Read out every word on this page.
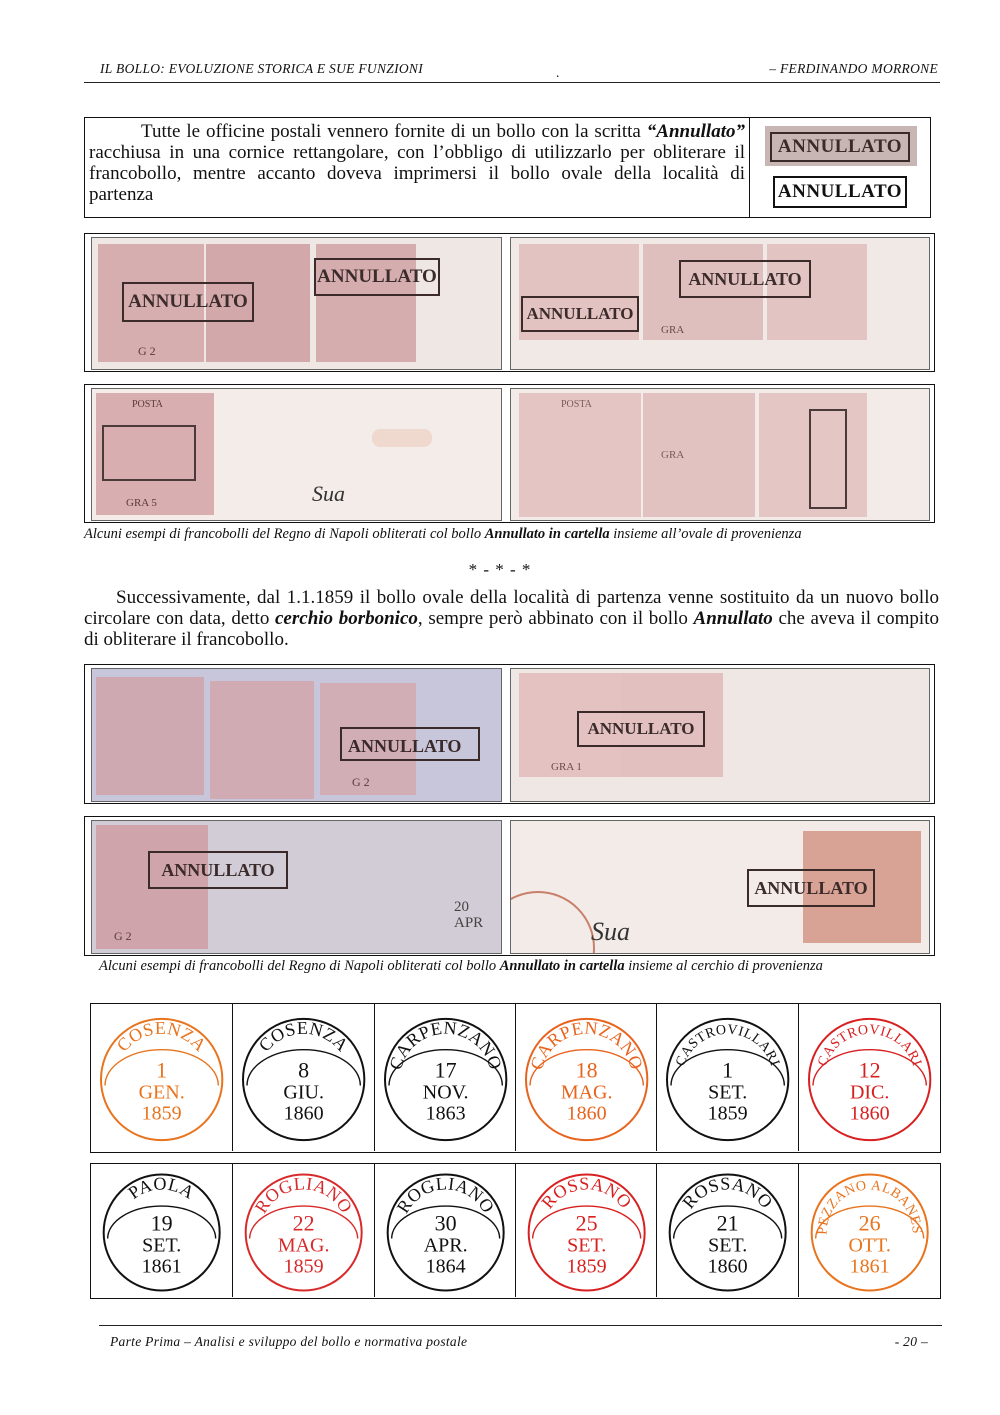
IL BOLLO: EVOLUZIONE STORICA E SUE FUNZIONI	.	– FERDINANDO MORRONE
Tutte le officine postali vennero fornite di un bollo con la scritta “Annullato” racchiusa in una cornice rettangolare, con l’obbligo di utilizzarlo per obliterare il francobollo, mentre accanto doveva imprimersi il bollo ovale della località di partenza
ANNULLATO
ANNULLATO
ANNULLATO
ANNULLATO
G 2
ANNULLATO
ANNULLATO
GRA
POSTA
GRA 5	Sua
POSTA
GRA
Alcuni esempi di francobolli del Regno di Napoli obliterati col bollo Annullato in cartella insieme all’ovale di provenienza
* - * - *
Successivamente, dal 1.1.1859 il bollo ovale della località di partenza venne sostituito da un nuovo bollo circolare con data, detto cerchio borbonico, sempre però abbinato con il bollo Annullato che aveva il compito di obliterare il francobollo.
ANNULLATO
G 2
ANNULLATO
GRA 1
ANNULLATO
G 2
20 APR
ANNULLATO
Sua
Alcuni esempi di francobolli del Regno di Napoli obliterati col bollo Annullato in cartella insieme al cerchio di provenienza
COSENZA
1
GEN.
1859
COSENZA
8
GIU.
1860
CARPENZANO
17
NOV.
1863
CARPENZANO
18
MAG.
1860
CASTROVILLARI
1
SET.
1859
CASTROVILLARI
12
DIC.
1860
PAOLA
19
SET.
1861
ROGLIANO
22
MAG.
1859
ROGLIANO
30
APR.
1864
ROSSANO
25
SET.
1859
ROSSANO
21
SET.
1860
PEZZANO ALBANES
26
OTT.
1861
Parte Prima – Analisi e sviluppo del bollo e normativa postale	- 20 –
